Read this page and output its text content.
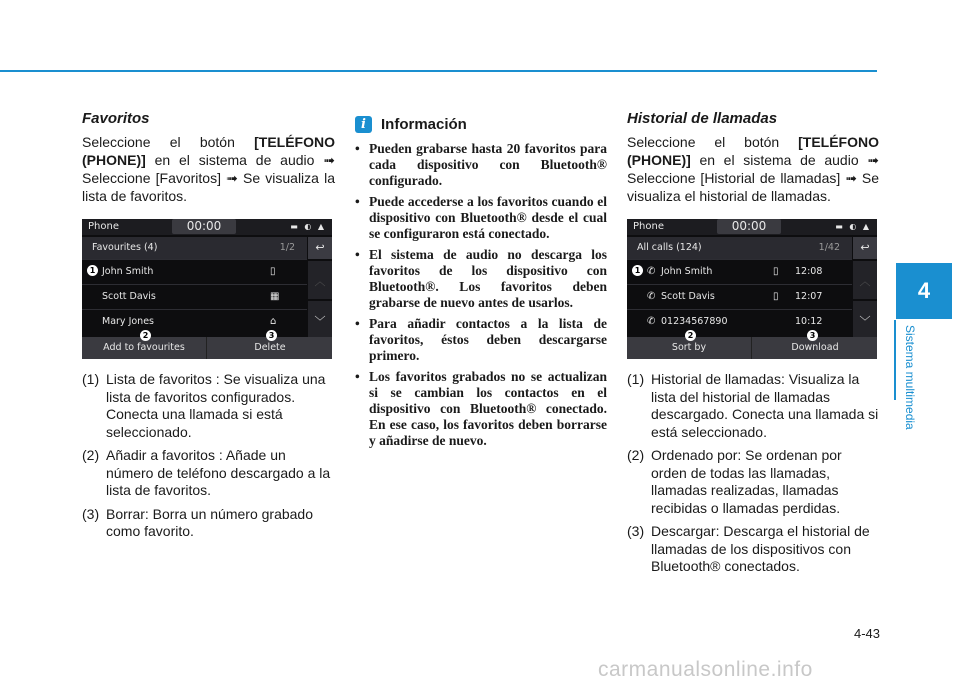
Favoritos

Seleccione el botón [TELÉFONO (PHONE)] en el sistema de audio ➟ Seleccione [Favoritos] ➟ Se visualiza la lista de favoritos.

Phone	00:00	▬ ◐ ▲
Favourites (4)	1/2	↩
︿
﹀
John Smith	▯
Scott Davis	▦
Mary Jones	⌂
Add to favourites	Delete
1
2	3
(1) Lista de favoritos : Se visualiza una lista de favoritos configurados. Conecta una llamada si está seleccionado.
(2) Añadir a favoritos : Añade un número de teléfono descargado a la lista de favoritos.
(3) Borrar: Borra un número grabado como favorito.
i	Información
• Pueden grabarse hasta 20 favoritos para cada dispositivo con Bluetooth® configurado.
• Puede accederse a los favoritos cuando el dispositivo con Bluetooth® desde el cual se configuraron está conectado.
• El sistema de audio no descarga los favoritos de los dispositivo con Bluetooth®. Los favoritos deben grabarse de nuevo antes de usarlos.
• Para añadir contactos a la lista de favoritos, éstos deben descargarse primero.
• Los favoritos grabados no se actualizan si se cambian los contactos en el dispositivo con Bluetooth® conectado. En ese caso, los favoritos deben borrarse y añadirse de nuevo.
Historial de llamadas

Seleccione el botón [TELÉFONO (PHONE)] en el sistema de audio ➟ Seleccione [Historial de llamadas] ➟ Se visualiza el historial de llamadas.

Phone	00:00	▬ ◐ ▲
All calls (124)	1/42	↩
︿
﹀
✆ John Smith	▯ 12:08
✆ Scott Davis	▯ 12:07
✆ 01234567890	10:12
Sort by	Download
1
2	3
(1) Historial de llamadas: Visualiza la lista del historial de llamadas descargado. Conecta una llamada si está seleccionado.
(2) Ordenado por: Se ordenan por orden de todas las llamadas, llamadas realizadas, llamadas recibidas o llamadas perdidas.
(3) Descargar: Descarga el historial de llamadas de los dispositivos con Bluetooth® conectados.
4
Sistema multimedia
4-43
carmanualsonline.info
